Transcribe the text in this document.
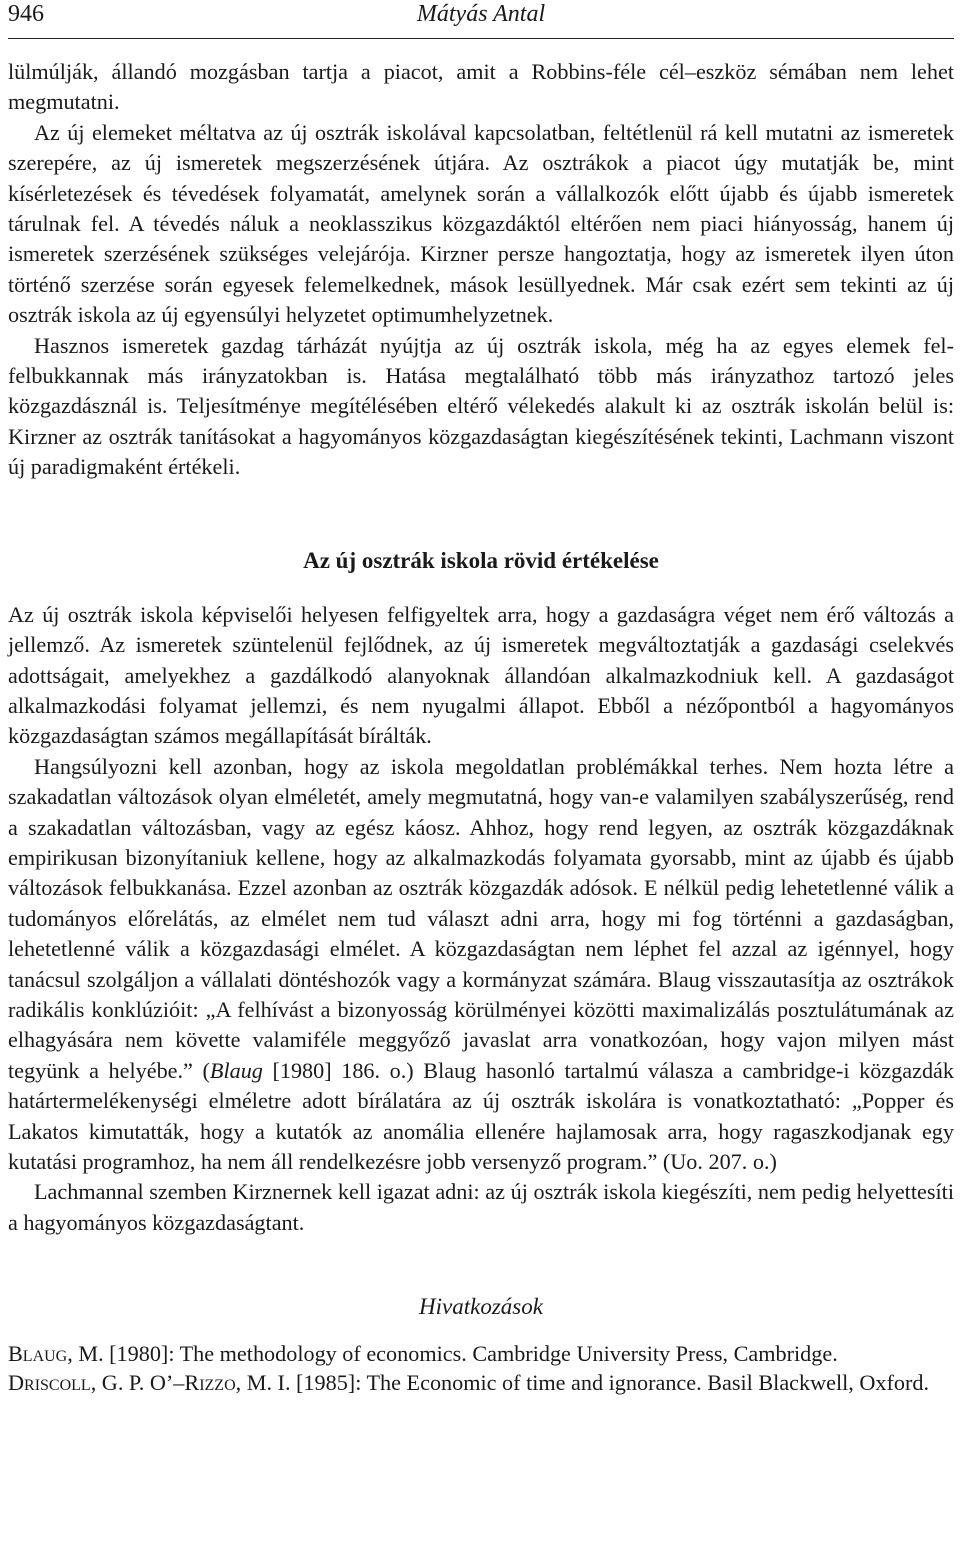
946	Mátyás Antal

lülmúlják, állandó mozgásban tartja a piacot, amit a Robbins-féle cél–eszköz sémában nem lehet megmutatni.

Az új elemeket méltatva az új osztrák iskolával kapcsolatban, feltétlenül rá kell mutatni az ismeretek szerepére, az új ismeretek megszerzésének útjára. Az osztrákok a piacot úgy mutatják be, mint kísérletezések és tévedések folyamatát, amelynek során a vállalkozók előtt újabb és újabb ismeretek tárulnak fel. A tévedés náluk a neoklasszikus közgazdáktól eltérően nem piaci hiányosság, hanem új ismeretek szerzésének szükséges velejárója. Kirzner persze hangoztatja, hogy az ismeretek ilyen úton történő szerzése során egyesek felemelkednek, mások lesüllyednek. Már csak ezért sem tekinti az új osztrák iskola az új egyensúlyi helyzetet optimumhelyzetnek.

Hasznos ismeretek gazdag tárházát nyújtja az új osztrák iskola, még ha az egyes elemek fel-felbukkannak más irányzatokban is. Hatása megtalálható több más irányzathoz tartozó jeles közgazdásznál is. Teljesítménye megítélésében eltérő vélekedés alakult ki az osztrák iskolán belül is: Kirzner az osztrák tanításokat a hagyományos közgazdaságtan kiegészítésének tekinti, Lachmann viszont új paradigmaként értékeli.

Az új osztrák iskola rövid értékelése

Az új osztrák iskola képviselői helyesen felfigyeltek arra, hogy a gazdaságra véget nem érő változás a jellemző. Az ismeretek szüntelenül fejlődnek, az új ismeretek megváltoztatják a gazdasági cselekvés adottságait, amelyekhez a gazdálkodó alanyoknak állandóan alkalmazkodniuk kell. A gazdaságot alkalmazkodási folyamat jellemzi, és nem nyugalmi állapot. Ebből a nézőpontból a hagyományos közgazdaságtan számos megállapítását bírálták.

Hangsúlyozni kell azonban, hogy az iskola megoldatlan problémákkal terhes. Nem hozta létre a szakadatlan változások olyan elméletét, amely megmutatná, hogy van-e valamilyen szabályszerűség, rend a szakadatlan változásban, vagy az egész káosz. Ahhoz, hogy rend legyen, az osztrák közgazdáknak empirikusan bizonyítaniuk kellene, hogy az alkalmazkodás folyamata gyorsabb, mint az újabb és újabb változások felbukkanása. Ezzel azonban az osztrák közgazdák adósok. E nélkül pedig lehetetlenné válik a tudományos előrelátás, az elmélet nem tud választ adni arra, hogy mi fog történni a gazdaságban, lehetetlenné válik a közgazdasági elmélet. A közgazdaságtan nem léphet fel azzal az igénnyel, hogy tanácsul szolgáljon a vállalati döntéshozók vagy a kormányzat számára. Blaug visszautasítja az osztrákok radikális konklúzióit: „A felhívást a bizonyosság körülményei közötti maximalizálás posztulátumának az elhagyására nem követte valamiféle meggyőző javaslat arra vonatkozóan, hogy vajon milyen mást tegyünk a helyébe.” (Blaug [1980] 186. o.) Blaug hasonló tartalmú válasza a cambridge-i közgazdák határtermelékenységi elméletre adott bírálatára az új osztrák iskolára is vonatkoztatható: „Popper és Lakatos kimutatták, hogy a kutatók az anomália ellenére hajlamosak arra, hogy ragaszkodjanak egy kutatási programhoz, ha nem áll rendelkezésre jobb versenyző program.” (Uo. 207. o.)

Lachmannal szemben Kirznernek kell igazat adni: az új osztrák iskola kiegészíti, nem pedig helyettesíti a hagyományos közgazdaságtant.

Hivatkozások

Blaug, M. [1980]: The methodology of economics. Cambridge University Press, Cambridge.

Driscoll, G. P. O’–Rizzo, M. I. [1985]: The Economic of time and ignorance. Basil Blackwell, Oxford.
